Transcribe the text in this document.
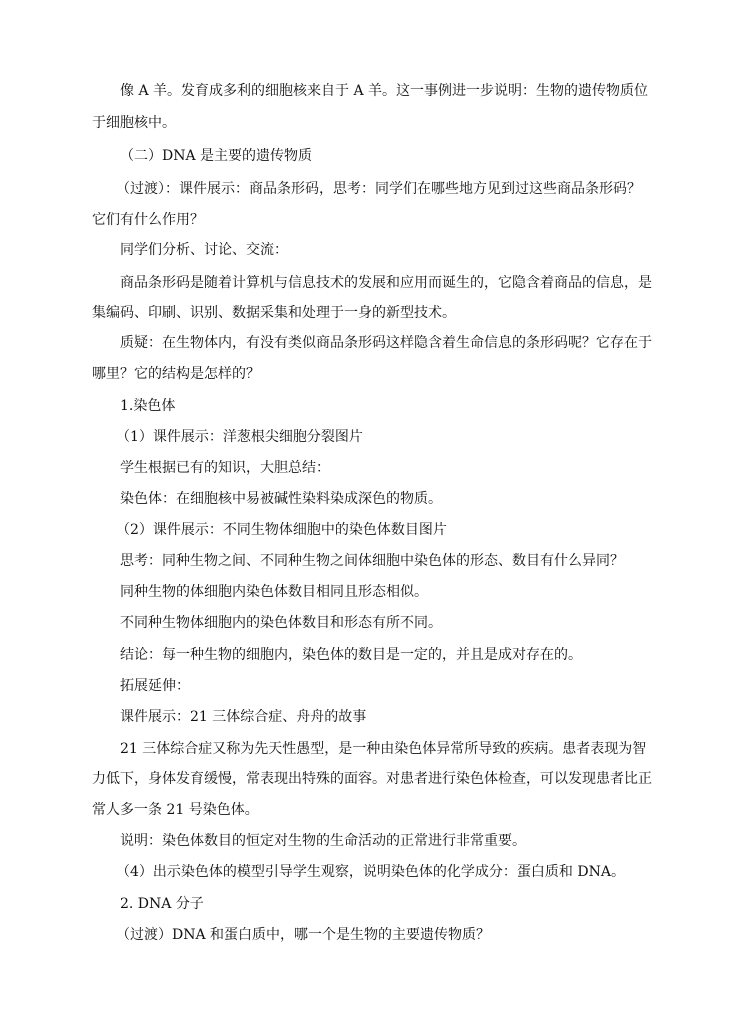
像 A 羊。发育成多利的细胞核来自于 A 羊。这一事例进一步说明：生物的遗传物质位
于细胞核中。
（二）DNA 是主要的遗传物质
（过渡）：课件展示：商品条形码，思考：同学们在哪些地方见到过这些商品条形码？
它们有什么作用？
同学们分析、讨论、交流：
商品条形码是随着计算机与信息技术的发展和应用而诞生的，它隐含着商品的信息，是
集编码、印刷、识别、数据采集和处理于一身的新型技术。
质疑：在生物体内，有没有类似商品条形码这样隐含着生命信息的条形码呢？它存在于
哪里？它的结构是怎样的？
1.染色体
（1）课件展示：洋葱根尖细胞分裂图片
学生根据已有的知识，大胆总结：
染色体：在细胞核中易被碱性染料染成深色的物质。
（2）课件展示：不同生物体细胞中的染色体数目图片
思考：同种生物之间、不同种生物之间体细胞中染色体的形态、数目有什么异同？
同种生物的体细胞内染色体数目相同且形态相似。
不同种生物体细胞内的染色体数目和形态有所不同。
结论：每一种生物的细胞内，染色体的数目是一定的，并且是成对存在的。
拓展延伸：
课件展示：21 三体综合症、舟舟的故事
21 三体综合症又称为先天性愚型，是一种由染色体异常所导致的疾病。患者表现为智
力低下，身体发育缓慢，常表现出特殊的面容。对患者进行染色体检查，可以发现患者比正
常人多一条 21 号染色体。
说明：染色体数目的恒定对生物的生命活动的正常进行非常重要。
（4）出示染色体的模型引导学生观察，说明染色体的化学成分：蛋白质和 DNA。
2. DNA 分子
（过渡）DNA 和蛋白质中，哪一个是生物的主要遗传物质？
